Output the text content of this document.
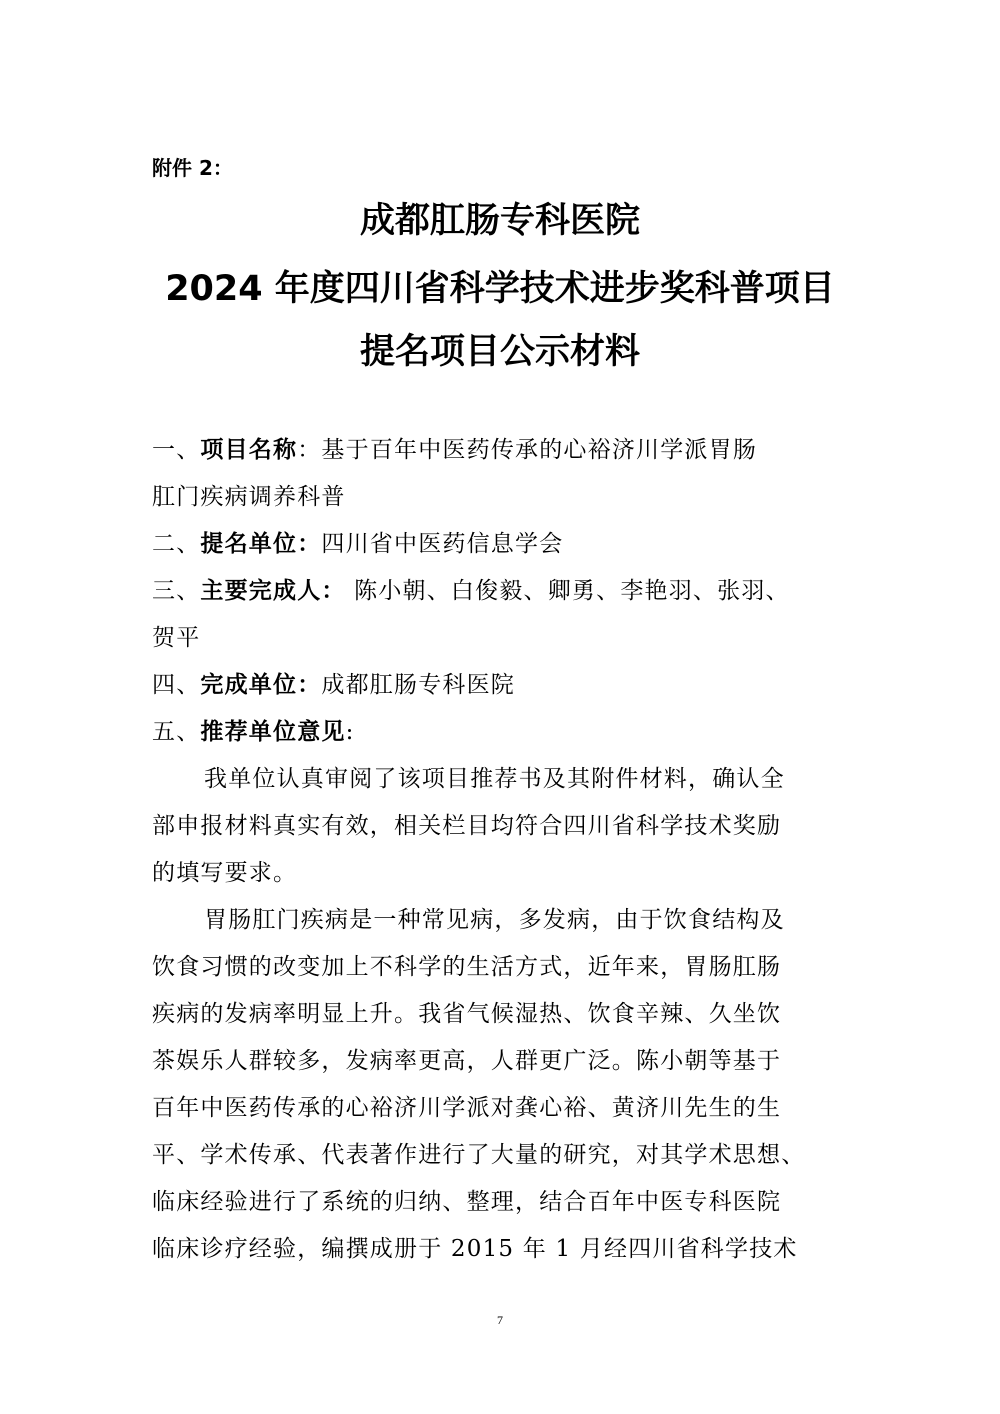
附件 2：
成都肛肠专科医院
2024 年度四川省科学技术进步奖科普项目
提名项目公示材料
一、项目名称：基于百年中医药传承的心裕济川学派胃肠
肛门疾病调养科普
二、提名单位：四川省中医药信息学会
三、主要完成人： 陈小朝、白俊毅、卿勇、李艳羽、张羽、
贺平
四、完成单位：成都肛肠专科医院
五、推荐单位意见:
我单位认真审阅了该项目推荐书及其附件材料，确认全
部申报材料真实有效，相关栏目均符合四川省科学技术奖励
的填写要求。
胃肠肛门疾病是一种常见病，多发病，由于饮食结构及
饮食习惯的改变加上不科学的生活方式，近年来，胃肠肛肠
疾病的发病率明显上升。我省气候湿热、饮食辛辣、久坐饮
茶娱乐人群较多，发病率更高，人群更广泛。陈小朝等基于
百年中医药传承的心裕济川学派对龚心裕、黄济川先生的生
平、学术传承、代表著作进行了大量的研究，对其学术思想、
临床经验进行了系统的归纳、整理，结合百年中医专科医院
临床诊疗经验，编撰成册于 2015 年 1 月经四川省科学技术
7
